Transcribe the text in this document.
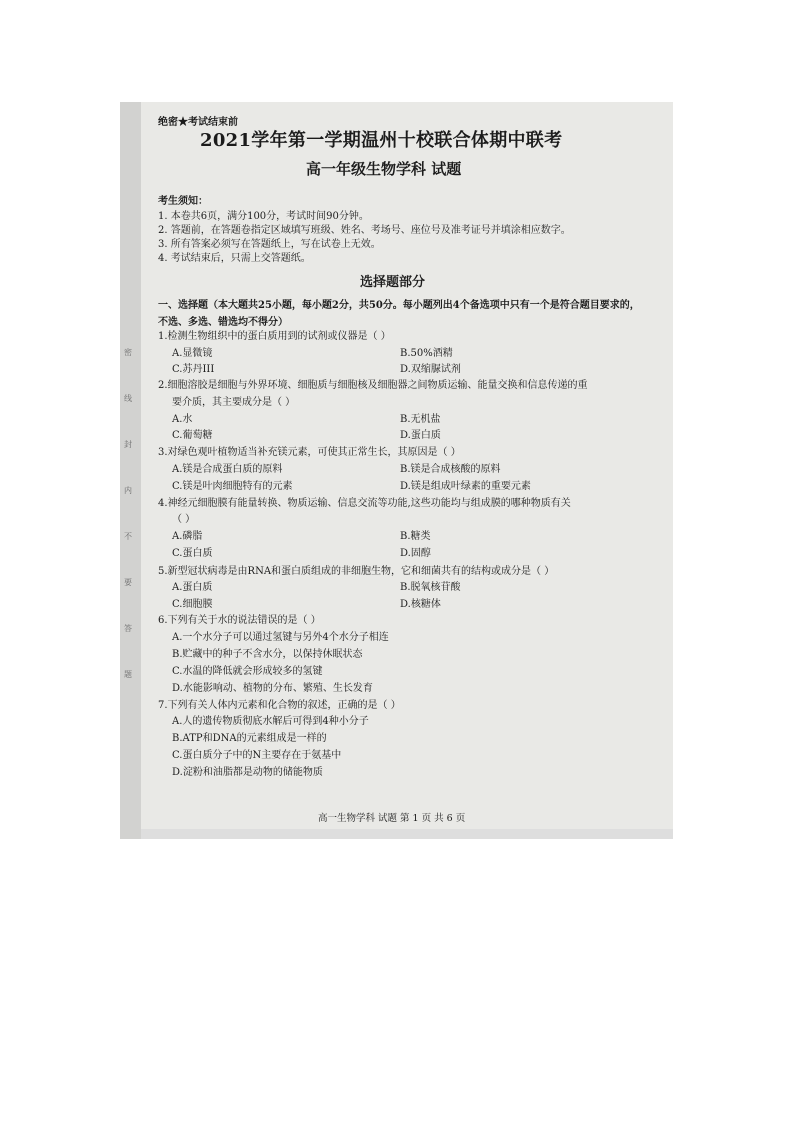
密
线
封
内
不
要
答
题
绝密★考试结束前
2021学年第一学期温州十校联合体期中联考
高一年级生物学科 试题
考生须知：
1. 本卷共6页，满分100分，考试时间90分钟。
2. 答题前，在答题卷指定区域填写班级、姓名、考场号、座位号及准考证号并填涂相应数字。
3. 所有答案必须写在答题纸上，写在试卷上无效。
4. 考试结束后，只需上交答题纸。
选择题部分
一、选择题（本大题共25小题，每小题2分，共50分。每小题列出4个备选项中只有一个是符合题目要求的，不选、多选、错选均不得分）
1.检测生物组织中的蛋白质用到的试剂或仪器是（ ）
A.显微镜	B.50%酒精
C.苏丹III	D.双缩脲试剂
2.细胞溶胶是细胞与外界环境、细胞质与细胞核及细胞器之间物质运输、能量交换和信息传递的重
要介质，其主要成分是（ ）
A.水	B.无机盐
C.葡萄糖	D.蛋白质
3.对绿色观叶植物适当补充镁元素，可使其正常生长，其原因是（ ）
A.镁是合成蛋白质的原料	B.镁是合成核酸的原料
C.镁是叶肉细胞特有的元素	D.镁是组成叶绿素的重要元素
4.神经元细胞膜有能量转换、物质运输、信息交流等功能,这些功能均与组成膜的哪种物质有关
（ ）
A.磷脂	B.糖类
C.蛋白质	D.固醇
5.新型冠状病毒是由RNA和蛋白质组成的非细胞生物，它和细菌共有的结构或成分是（ ）
A.蛋白质	B.脱氧核苷酸
C.细胞膜	D.核糖体
6.下列有关于水的说法错误的是（ ）
A.一个水分子可以通过氢键与另外4个水分子相连
B.贮藏中的种子不含水分，以保持休眠状态
C.水温的降低就会形成较多的氢键
D.水能影响动、植物的分布、繁殖、生长发育
7.下列有关人体内元素和化合物的叙述，正确的是（ ）
A.人的遗传物质彻底水解后可得到4种小分子
B.ATP和DNA的元素组成是一样的
C.蛋白质分子中的N主要存在于氨基中
D.淀粉和油脂都是动物的储能物质
高一生物学科 试题 第 1 页 共 6 页
